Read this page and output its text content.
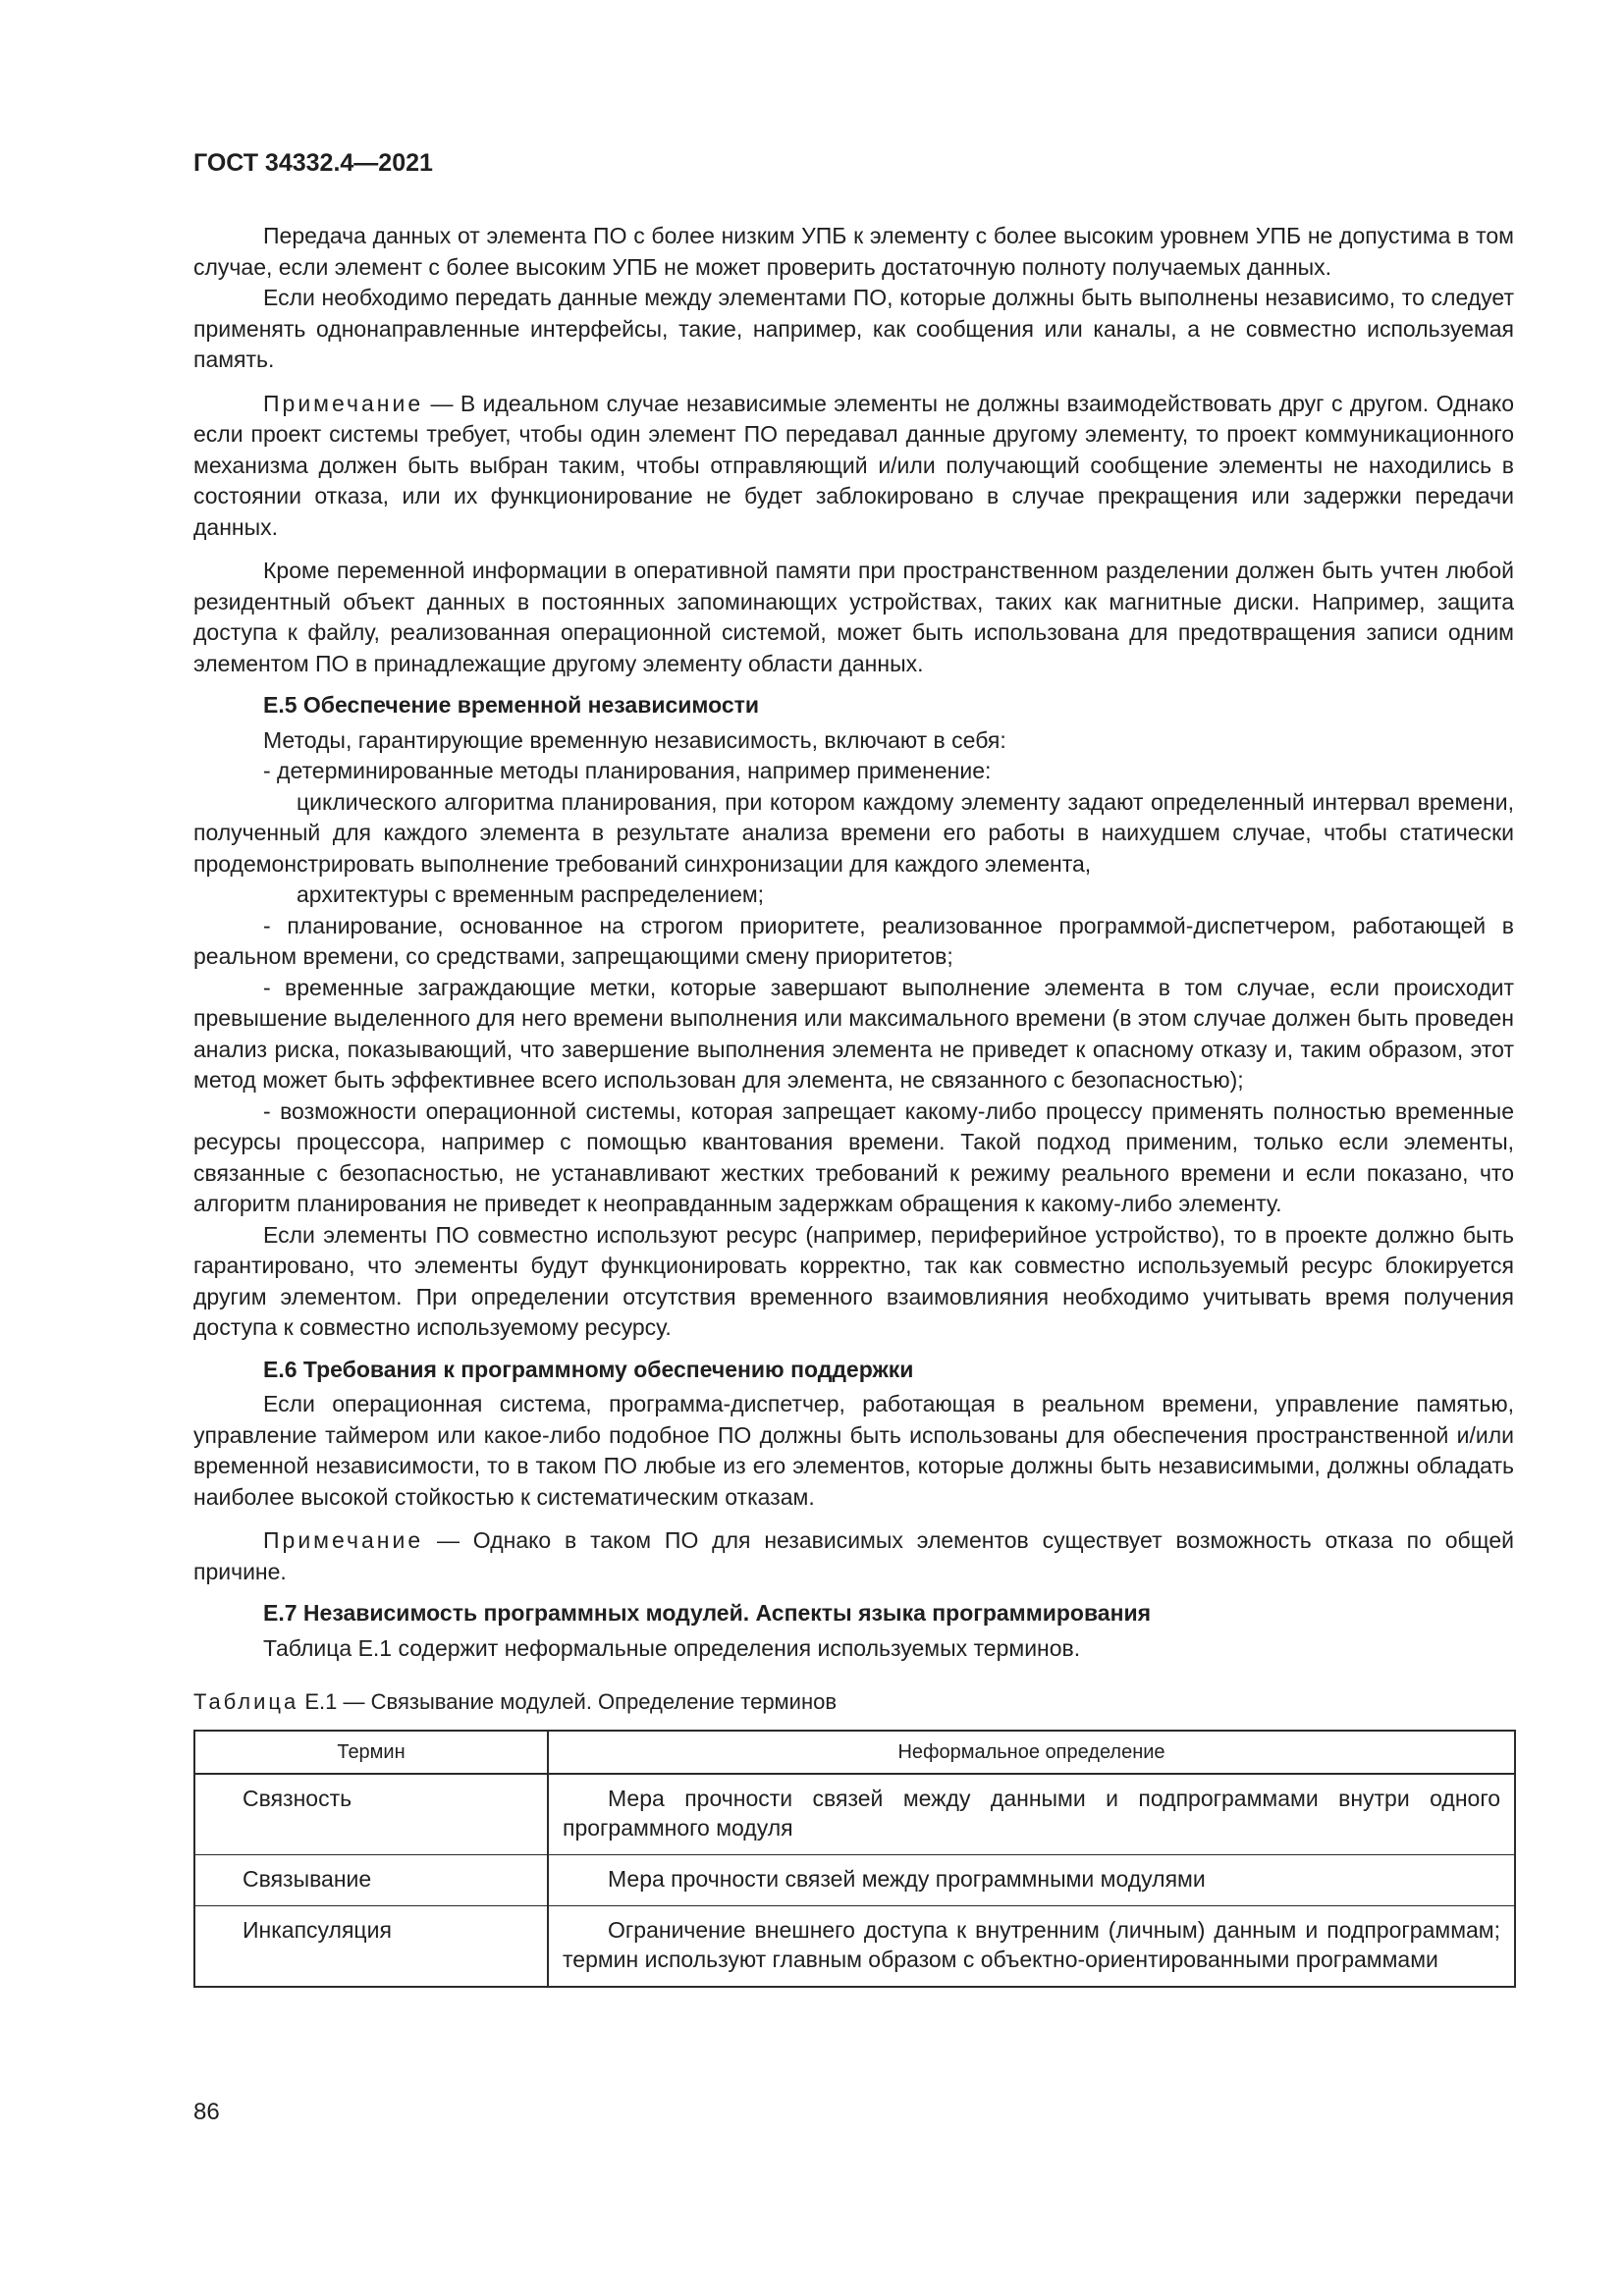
ГОСТ 34332.4—2021

Передача данных от элемента ПО с более низким УПБ к элементу с более высоким уровнем УПБ не допустима в том случае, если элемент с более высоким УПБ не может проверить достаточную полноту получаемых данных.

Если необходимо передать данные между элементами ПО, которые должны быть выполнены независимо, то следует применять однонаправленные интерфейсы, такие, например, как сообщения или каналы, а не совместно используемая память.

Примечание — В идеальном случае независимые элементы не должны взаимодействовать друг с другом. Однако если проект системы требует, чтобы один элемент ПО передавал данные другому элементу, то проект коммуникационного механизма должен быть выбран таким, чтобы отправляющий и/или получающий сообщение элементы не находились в состоянии отказа, или их функционирование не будет заблокировано в случае прекращения или задержки передачи данных.

Кроме переменной информации в оперативной памяти при пространственном разделении должен быть учтен любой резидентный объект данных в постоянных запоминающих устройствах, таких как магнитные диски. Например, защита доступа к файлу, реализованная операционной системой, может быть использована для предотвращения записи одним элементом ПО в принадлежащие другому элементу области данных.

Е.5 Обеспечение временной независимости

Методы, гарантирующие временную независимость, включают в себя:

- детерминированные методы планирования, например применение:

циклического алгоритма планирования, при котором каждому элементу задают определенный интервал времени, полученный для каждого элемента в результате анализа времени его работы в наихудшем случае, чтобы статически продемонстрировать выполнение требований синхронизации для каждого элемента,

архитектуры с временным распределением;

- планирование, основанное на строгом приоритете, реализованное программой-диспетчером, работающей в реальном времени, со средствами, запрещающими смену приоритетов;

- временные заграждающие метки, которые завершают выполнение элемента в том случае, если происходит превышение выделенного для него времени выполнения или максимального времени (в этом случае должен быть проведен анализ риска, показывающий, что завершение выполнения элемента не приведет к опасному отказу и, таким образом, этот метод может быть эффективнее всего использован для элемента, не связанного с безопасностью);

- возможности операционной системы, которая запрещает какому-либо процессу применять полностью временные ресурсы процессора, например с помощью квантования времени. Такой подход применим, только если элементы, связанные с безопасностью, не устанавливают жестких требований к режиму реального времени и если показано, что алгоритм планирования не приведет к неоправданным задержкам обращения к какому-либо элементу.

Если элементы ПО совместно используют ресурс (например, периферийное устройство), то в проекте должно быть гарантировано, что элементы будут функционировать корректно, так как совместно используемый ресурс блокируется другим элементом. При определении отсутствия временного взаимовлияния необходимо учитывать время получения доступа к совместно используемому ресурсу.

Е.6 Требования к программному обеспечению поддержки

Если операционная система, программа-диспетчер, работающая в реальном времени, управление памятью, управление таймером или какое-либо подобное ПО должны быть использованы для обеспечения пространственной и/или временной независимости, то в таком ПО любые из его элементов, которые должны быть независимыми, должны обладать наиболее высокой стойкостью к систематическим отказам.

Примечание — Однако в таком ПО для независимых элементов существует возможность отказа по общей причине.

Е.7 Независимость программных модулей. Аспекты языка программирования

Таблица Е.1 содержит неформальные определения используемых терминов.

Таблица Е.1 — Связывание модулей. Определение терминов
Термин	Неформальное определение
Связность	Мера прочности связей между данными и подпрограммами внутри одного программного модуля
Связывание	Мера прочности связей между программными модулями
Инкапсуляция	Ограничение внешнего доступа к внутренним (личным) данным и подпрограммам; термин используют главным образом с объектно-ориентированными программами
86
